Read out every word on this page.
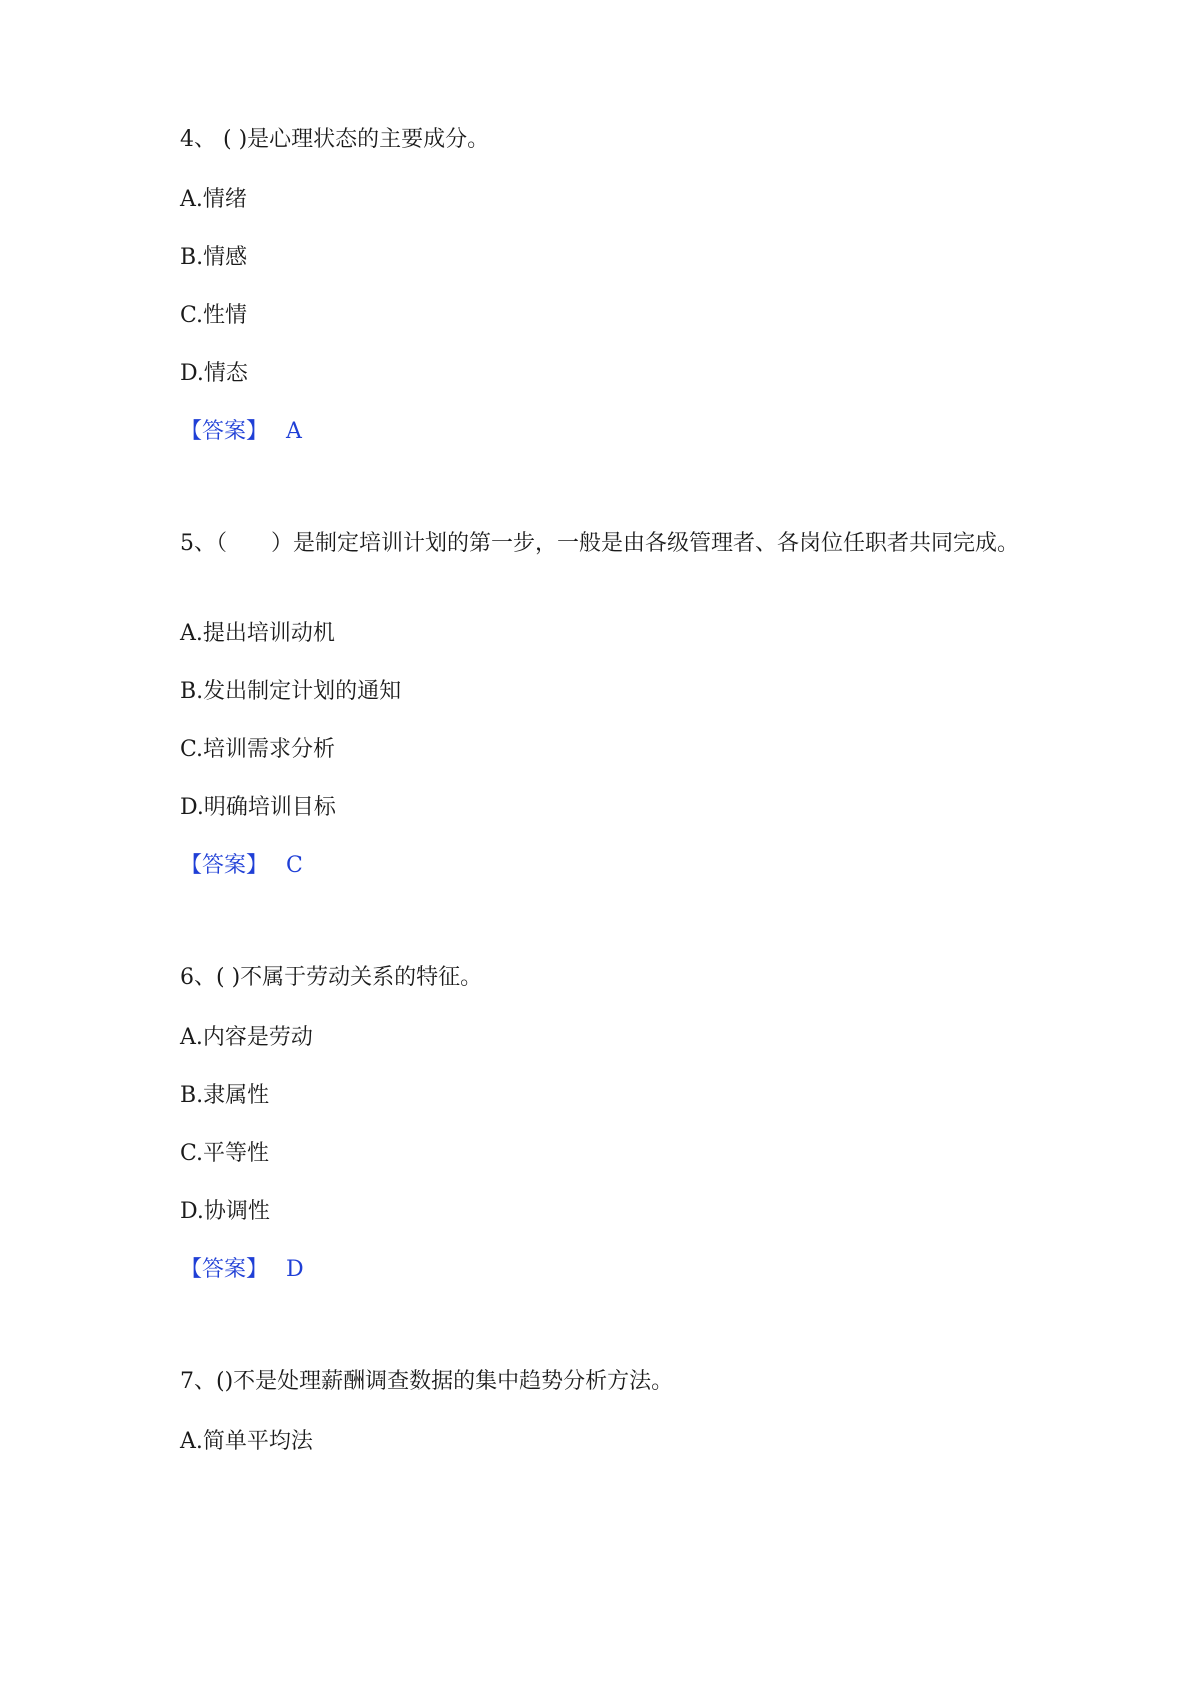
4、 ( )是心理状态的主要成分。
A.情绪
B.情感
C.性情
D.情态
【答案】 A
5、（　　）是制定培训计划的第一步，一般是由各级管理者、各岗位任职者共同完成。
A.提出培训动机
B.发出制定计划的通知
C.培训需求分析
D.明确培训目标
【答案】 C
6、( )不属于劳动关系的特征。
A.内容是劳动
B.隶属性
C.平等性
D.协调性
【答案】 D
7、()不是处理薪酬调查数据的集中趋势分析方法。
A.简单平均法
